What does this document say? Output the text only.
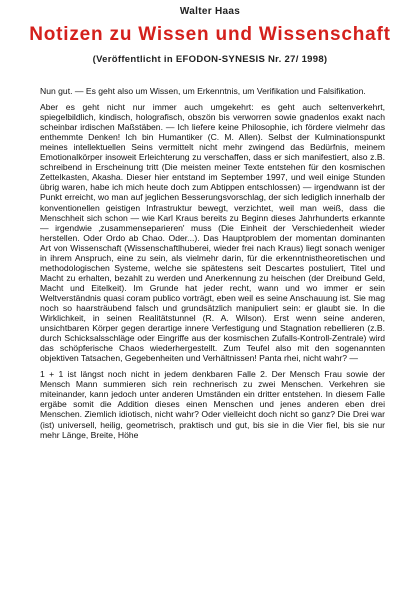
Walter Haas
Notizen zu Wissen und Wissenschaft
(Veröffentlicht in EFODON-SYNESIS Nr. 27/ 1998)

Nun gut. — Es geht also um Wissen, um Erkenntnis, um Verifikation und Falsifikation.

Aber es geht nicht nur immer auch umgekehrt: es geht auch seltenverkehrt, spiegelbildlich, kindisch, holografisch, obszön bis verworren sowie gnadenlos exakt nach scheinbar irdischen Maßstäben. — Ich liefere keine Philosophie, ich fördere vielmehr das enthemmte Denken! Ich bin Humantiker (C. M. Allen). Selbst der Kulminationspunkt meines intellektuellen Seins vermittelt nicht mehr zwingend das Bedürfnis, meinem Emotionalkörper insoweit Erleichterung zu verschaffen, dass er sich manifestiert, also z.B. schreibend in Erscheinung tritt (Die meisten meiner Texte entstehen für den kosmischen Zettelkasten, Akasha. Dieser hier entstand im September 1997, und weil einige Stunden übrig waren, habe ich mich heute doch zum Abtippen entschlossen) — irgendwann ist der Punkt erreicht, wo man auf jeglichen Besserungsvorschlag, der sich lediglich innerhalb der konventionellen geistigen Infrastruktur bewegt, verzichtet, weil man weiß, dass die Menschheit sich schon — wie Karl Kraus bereits zu Beginn dieses Jahrhunderts erkannte — irgendwie ‚zusammenseparieren' muss (Die Einheit der Verschiedenheit wieder herstellen. Oder Ordo ab Chao. Oder...). Das Hauptproblem der momentan dominanten Art von Wissenschaft (Wissenschaftlhuberei, wieder frei nach Kraus) liegt sonach weniger in ihrem Anspruch, eine zu sein, als vielmehr darin, für die erkenntnistheoretischen und methodologischen Systeme, welche sie spätestens seit Descartes postuliert, Titel und Macht zu erhalten, bezahlt zu werden und Anerkennung zu heischen (der Dreibund Geld, Macht und Eitelkeit). Im Grunde hat jeder recht, wann und wo immer er sein Weltverständnis quasi coram publico vorträgt, eben weil es seine Anschauung ist. Sie mag noch so haarsträubend falsch und grundsätzlich manipuliert sein: er glaubt sie. In die Wirklichkeit, in seinen Realitätstunnel (R. A. Wilson). Erst wenn seine anderen, unsichtbaren Körper gegen derartige innere Verfestigung und Stagnation rebellieren (z.B. durch Schicksalsschläge oder Eingriffe aus der kosmischen Zufalls-Kontroll-Zentrale) wird das schöpferische Chaos wiederhergestellt. Zum Teufel also mit den sogenannten objektiven Tatsachen, Gegebenheiten und Verhältnissen! Panta rhei, nicht wahr? —

1 + 1 ist längst noch nicht in jedem denkbaren Falle 2. Der Mensch Frau sowie der Mensch Mann summieren sich rein rechnerisch zu zwei Menschen. Verkehren sie miteinander, kann jedoch unter anderen Umständen ein dritter entstehen. In diesem Falle ergäbe somit die Addition dieses einen Menschen und jenes anderen eben drei Menschen. Ziemlich idiotisch, nicht wahr? Oder vielleicht doch nicht so ganz? Die Drei war (ist) universell, heilig, geometrisch, praktisch und gut, bis sie in die Vier fiel, bis sie nur mehr Länge, Breite, Höhe
